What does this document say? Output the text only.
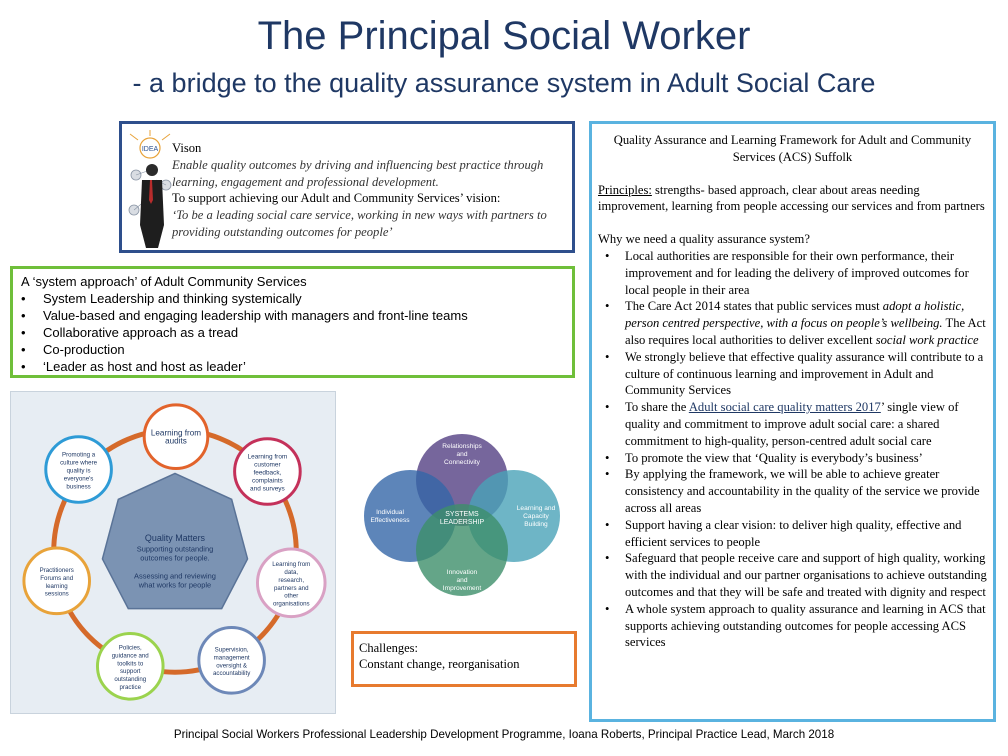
The Principal Social Worker
- a bridge to the quality assurance system in Adult Social Care
IDEA Vison
Enable quality outcomes by driving and influencing best practice through learning, engagement and professional development.
To support achieving our Adult and Community Services’ vision:
‘To be a leading social care service, working in new ways with partners to providing outstanding outcomes for people’
A ‘system approach’ of Adult Community Services
• System Leadership and thinking systemically
• Value-based and engaging leadership with managers and front-line teams
• Collaborative approach as a tread
• Co-production
• ‘Leader as host and host as leader’
Quality Matters
Supporting outstanding outcomes for people.
Assessing and reviewing what works for people
Learning from audits
Learning from customer feedback, complaints and surveys
Learning from data, research, partners and other organisations
Supervision, management oversight & accountability
Policies, guidance and toolkits to support outstanding practice
Practitioners Forums and learning sessions
Promoting a culture where quality is everyone's business
Relationships and Connectivity
Individual Effectiveness
Learning and Capacity Building
Innovation and Improvement
SYSTEMS LEADERSHIP
Challenges:
Constant change, reorganisation
Quality Assurance and Learning Framework for Adult and Community Services (ACS) Suffolk
Principles: strengths- based approach, clear about areas needing improvement, learning from people accessing our services and from partners
Why we need a quality assurance system?
• Local authorities are responsible for their own performance, their improvement and for leading the delivery of improved outcomes for local people in their area
• The Care Act 2014 states that public services must adopt a holistic, person centred perspective, with a focus on people’s wellbeing. The Act also requires local authorities to deliver excellent social work practice
• We strongly believe that effective quality assurance will contribute to a culture of continuous learning and improvement in Adult and Community Services
• To share the Adult social care quality matters 2017’ single view of quality and commitment to improve adult social care: a shared commitment to high-quality, person-centred adult social care
• To promote the view that ‘Quality is everybody’s business’
• By applying the framework, we will be able to achieve greater consistency and accountability in the quality of the service we provide across all areas
• Support having a clear vision: to deliver high quality, effective and efficient services to people
• Safeguard that people receive care and support of high quality, working with the individual and our partner organisations to achieve outstanding outcomes and that they will be safe and treated with dignity and respect
• A whole system approach to quality assurance and learning in ACS that supports achieving outstanding outcomes for people accessing ACS services
Principal Social Workers Professional Leadership Development Programme, Ioana Roberts, Principal Practice Lead, March 2018
